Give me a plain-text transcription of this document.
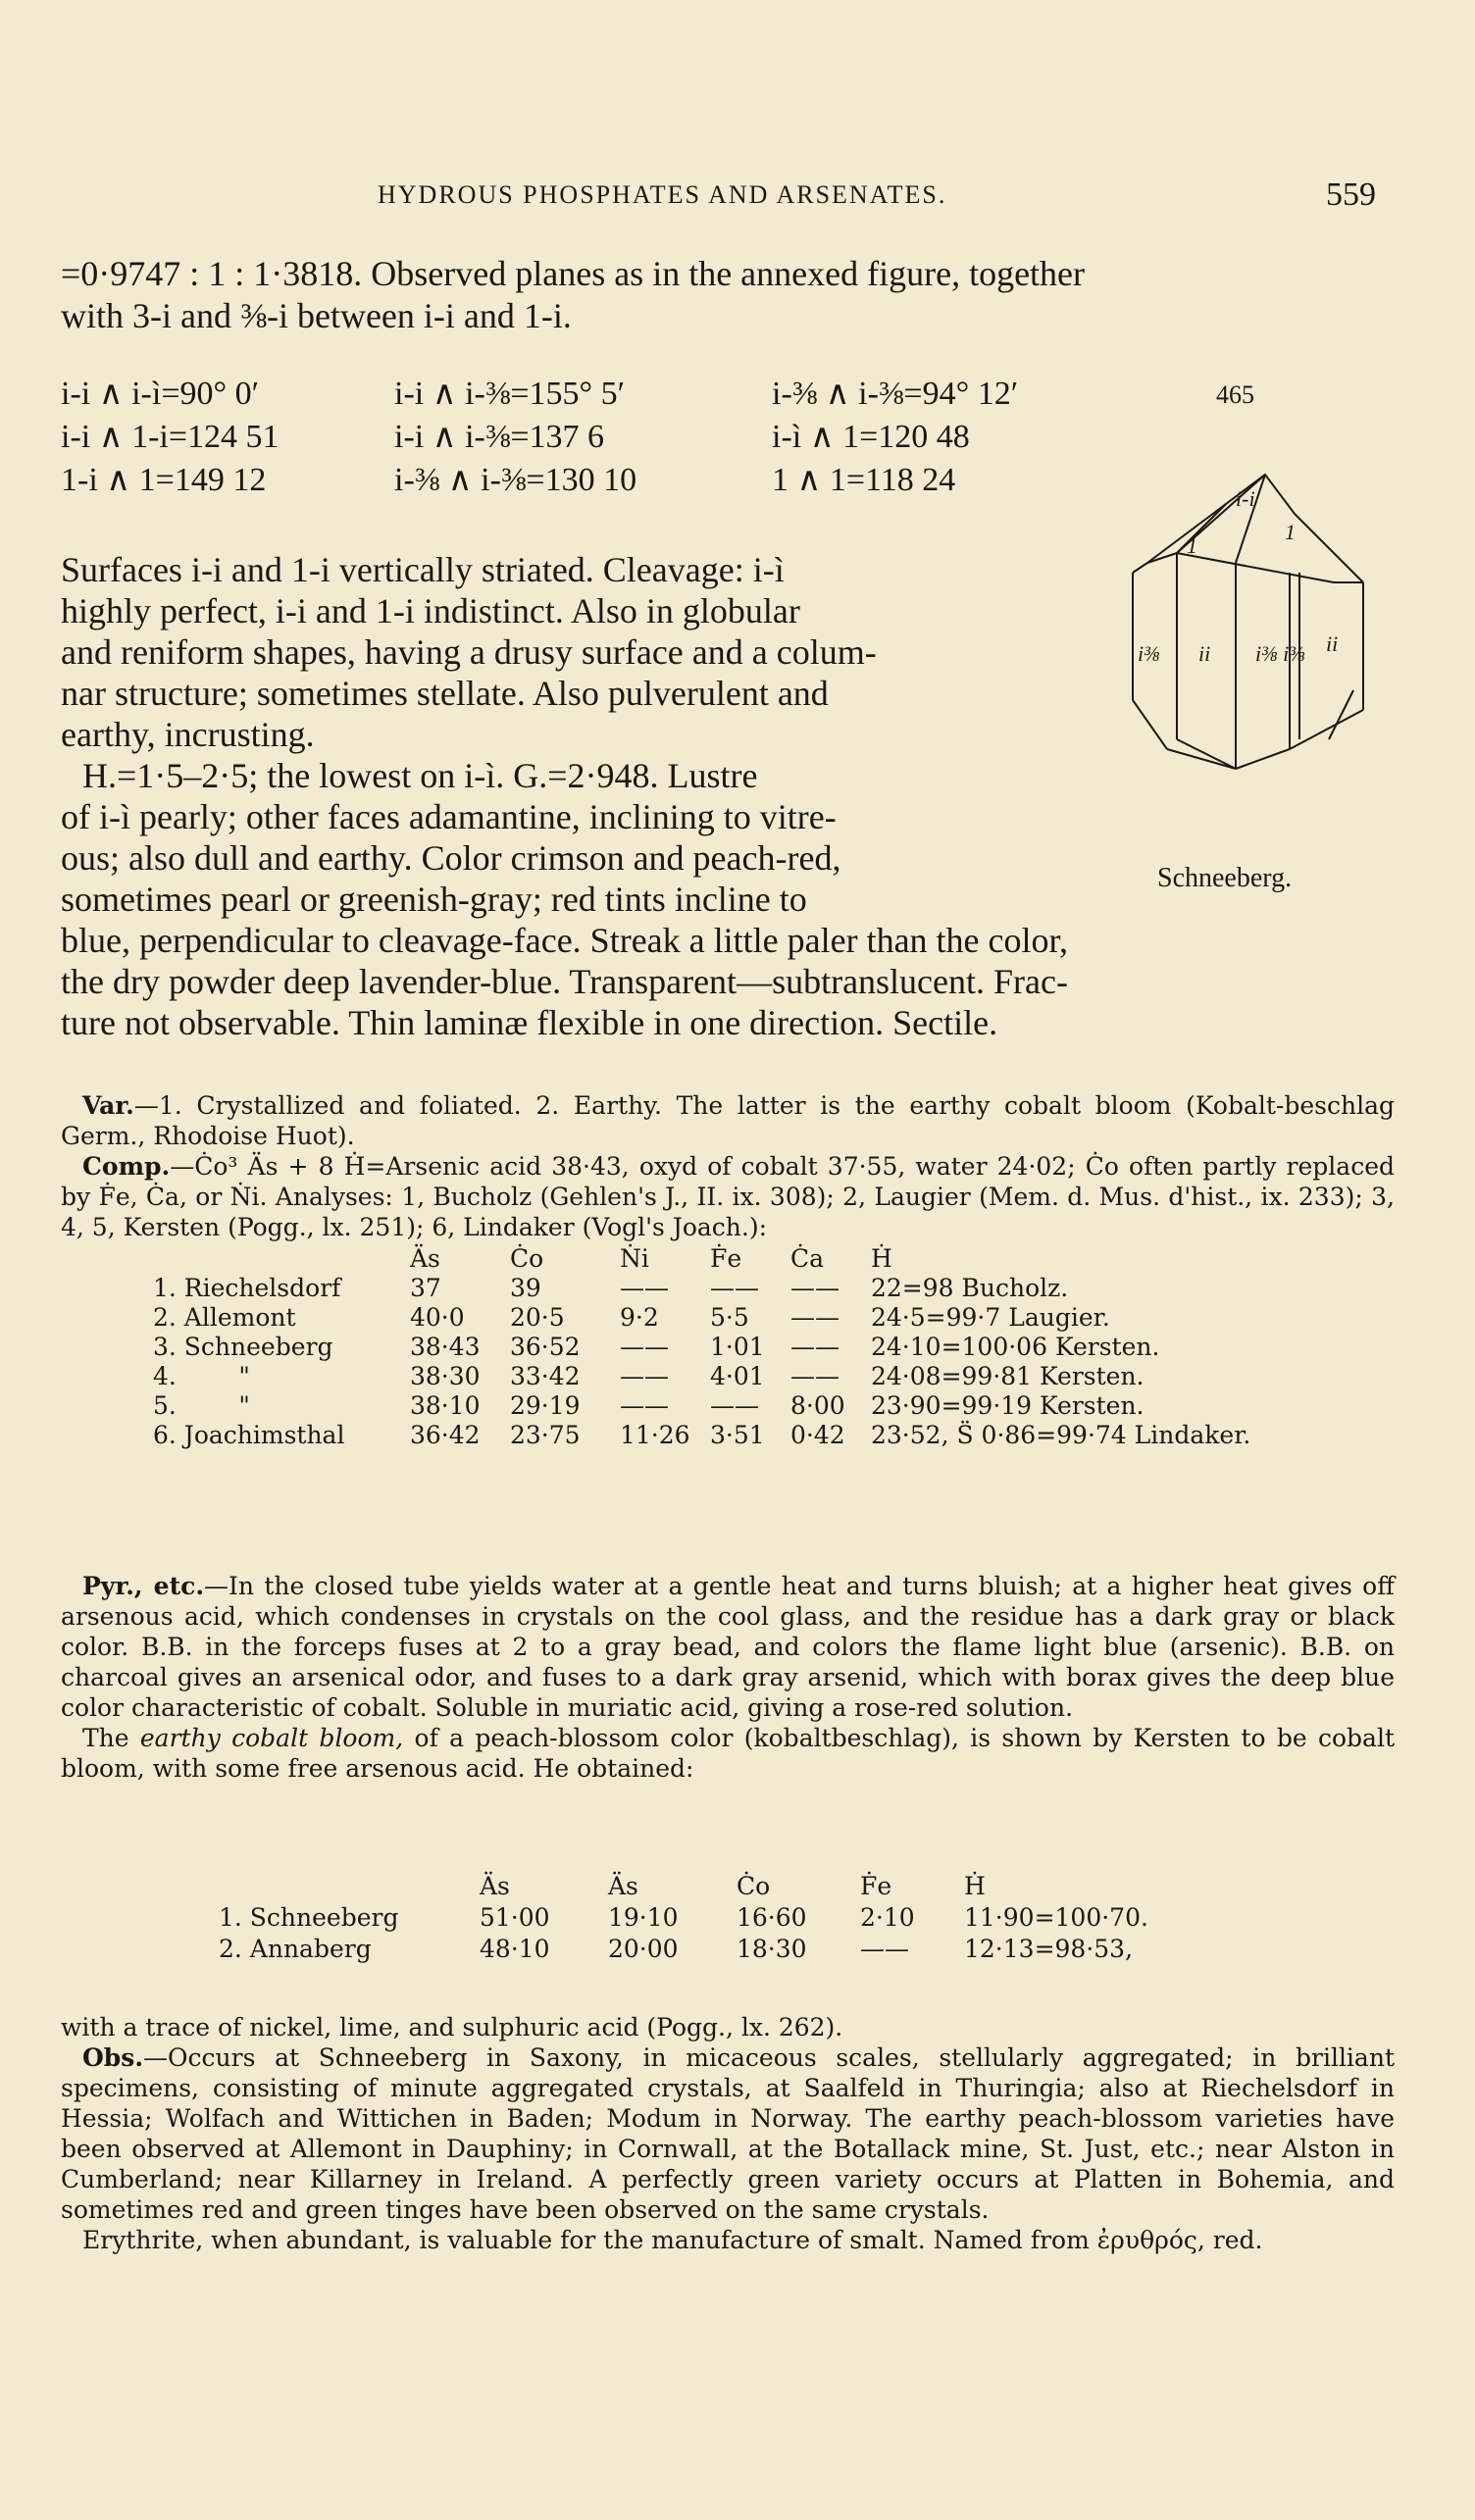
HYDROUS PHOSPHATES AND ARSENATES.	559

=0·9747 : 1 : 1·3818. Observed planes as in the annexed figure, together

with 3-i and ⅜-i between i-i and 1-i.

i-i ∧ i-ì=90° 0′	i-i ∧ i-⅜=155° 5′	i-⅜ ∧ i-⅜=94° 12′
i-i ∧ 1-i=124 51	i-i ∧ i-⅜=137 6	i-ì ∧ 1=120 48
1-i ∧ 1=149 12	i-⅜ ∧ i-⅜=130 10	1 ∧ 1=118 24
465
i-i
1
1
i⅜ ii i⅜ i⅜ ii
Schneeberg.

Surfaces i-i and 1-i vertically striated. Cleavage: i-ì

highly perfect, i-i and 1-i indistinct. Also in globular

and reniform shapes, having a drusy surface and a colum-

nar structure; sometimes stellate. Also pulverulent and

earthy, incrusting.

H.=1·5–2·5; the lowest on i-ì. G.=2·948. Lustre

of i-ì pearly; other faces adamantine, inclining to vitre-

ous; also dull and earthy. Color crimson and peach-red,

sometimes pearl or greenish-gray; red tints incline to

blue, perpendicular to cleavage-face. Streak a little paler than the color,

the dry powder deep lavender-blue. Transparent—subtranslucent. Frac-

ture not observable. Thin laminæ flexible in one direction. Sectile.

Var.—1. Crystallized and foliated. 2. Earthy. The latter is the earthy cobalt bloom (Kobalt-beschlag Germ., Rhodoise Huot).

Comp.—Ċo³ Äs + 8 Ḣ=Arsenic acid 38·43, oxyd of cobalt 37·55, water 24·02; Ċo often partly replaced by Ḟe, Ċa, or Ṅi. Analyses: 1, Bucholz (Gehlen's J., II. ix. 308); 2, Laugier (Mem. d. Mus. d'hist., ix. 233); 3, 4, 5, Kersten (Pogg., lx. 251); 6, Lindaker (Vogl's Joach.):

	Äs	Ċo	Ṅi	Ḟe	Ċa	Ḣ
1. Riechelsdorf	37	39	——	——	——	22=98 Bucholz.
2. Allemont	40·0	20·5	9·2	5·5	——	24·5=99·7 Laugier.
3. Schneeberg	38·43	36·52	——	1·01	——	24·10=100·06 Kersten.
4.        "	38·30	33·42	——	4·01	——	24·08=99·81 Kersten.
5.        "	38·10	29·19	——	——	8·00	23·90=99·19 Kersten.
6. Joachimsthal	36·42	23·75	11·26	3·51	0·42	23·52, S̈ 0·86=99·74 Lindaker.

Pyr., etc.—In the closed tube yields water at a gentle heat and turns bluish; at a higher heat gives off arsenous acid, which condenses in crystals on the cool glass, and the residue has a dark gray or black color. B.B. in the forceps fuses at 2 to a gray bead, and colors the flame light blue (arsenic). B.B. on charcoal gives an arsenical odor, and fuses to a dark gray arsenid, which with borax gives the deep blue color characteristic of cobalt. Soluble in muriatic acid, giving a rose-red solution.

The earthy cobalt bloom, of a peach-blossom color (kobaltbeschlag), is shown by Kersten to be cobalt bloom, with some free arsenous acid. He obtained:

	Äs	Äs	Ċo	Ḟe	Ḣ
1. Schneeberg	51·00	19·10	16·60	2·10	11·90=100·70.
2. Annaberg	48·10	20·00	18·30	——	12·13=98·53,

with a trace of nickel, lime, and sulphuric acid (Pogg., lx. 262).

Obs.—Occurs at Schneeberg in Saxony, in micaceous scales, stellularly aggregated; in brilliant specimens, consisting of minute aggregated crystals, at Saalfeld in Thuringia; also at Riechelsdorf in Hessia; Wolfach and Wittichen in Baden; Modum in Norway. The earthy peach-blossom varieties have been observed at Allemont in Dauphiny; in Cornwall, at the Botallack mine, St. Just, etc.; near Alston in Cumberland; near Killarney in Ireland. A perfectly green variety occurs at Platten in Bohemia, and sometimes red and green tinges have been observed on the same crystals.

Erythrite, when abundant, is valuable for the manufacture of smalt. Named from ἐρυθρός, red.
